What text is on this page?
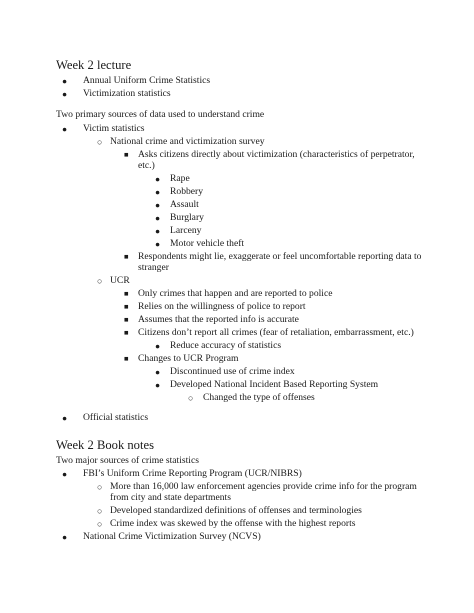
Week 2 lecture
● Annual Uniform Crime Statistics
● Victimization statistics
Two primary sources of data used to understand crime
● Victim statistics
○ National crime and victimization survey
■ Asks citizens directly about victimization (characteristics of perpetrator,
etc.)
● Rape
● Robbery
● Assault
● Burglary
● Larceny
● Motor vehicle theft
■ Respondents might lie, exaggerate or feel uncomfortable reporting data to
stranger
○ UCR
■ Only crimes that happen and are reported to police
■ Relies on the willingness of police to report
■ Assumes that the reported info is accurate
■ Citizens don’t report all crimes (fear of retaliation, embarrassment, etc.)
● Reduce accuracy of statistics
■ Changes to UCR Program
● Discontinued use of crime index
● Developed National Incident Based Reporting System
○ Changed the type of offenses
● Official statistics
Week 2 Book notes
Two major sources of crime statistics
● FBI’s Uniform Crime Reporting Program (UCR/NIBRS)
○ More than 16,000 law enforcement agencies provide crime info for the program
from city and state departments
○ Developed standardized definitions of offenses and terminologies
○ Crime index was skewed by the offense with the highest reports
● National Crime Victimization Survey (NCVS)
